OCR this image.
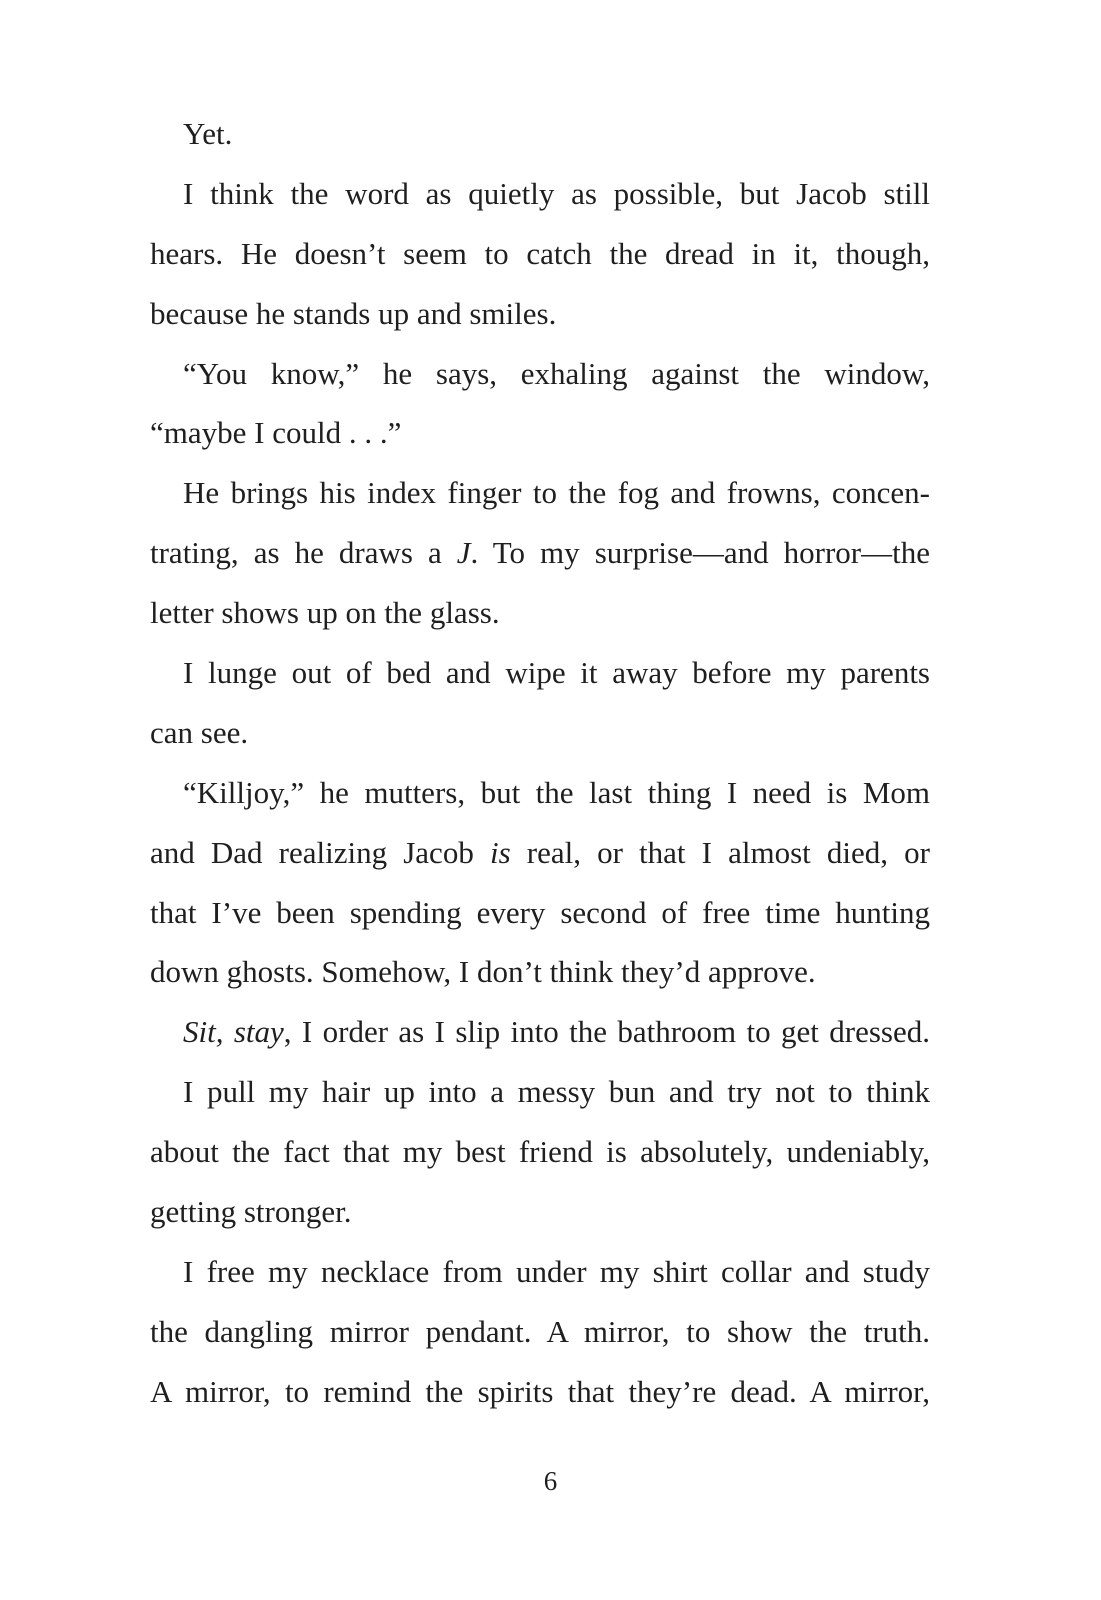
Yet.
I think the word as quietly as possible, but Jacob still
hears. He doesn’t seem to catch the dread in it, though,
because he stands up and smiles.
“You know,” he says, exhaling against the window,
“maybe I could . . .”
He brings his index finger to the fog and frowns, concen-
trating, as he draws a J. To my surprise—and horror—the
letter shows up on the glass.
I lunge out of bed and wipe it away before my parents
can see.
“Killjoy,” he mutters, but the last thing I need is Mom
and Dad realizing Jacob is real, or that I almost died, or
that I’ve been spending every second of free time hunting
down ghosts. Somehow, I don’t think they’d approve.
Sit, stay, I order as I slip into the bathroom to get dressed.
I pull my hair up into a messy bun and try not to think
about the fact that my best friend is absolutely, undeniably,
getting stronger.
I free my necklace from under my shirt collar and study
the dangling mirror pendant. A mirror, to show the truth.
A mirror, to remind the spirits that they’re dead. A mirror,
6
